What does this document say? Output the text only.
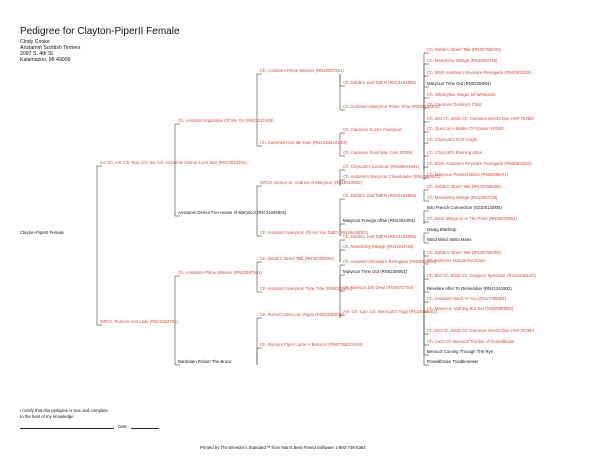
Pedigree for Clayton-PiperII Female
Cindy Cooke
Anstamm Scottish Terriers
2097 S. 4th St.
Kalamazoo, MI 49009
Clayton-PiperII Female
Int. Ch. Am. Ch. Rus. Ch. Sw. Ch. Anstamm Demur Lone Star (RN24810201)
GRCh. Rumors Iron Lady (RN23284701)
Ch. Anstamm Eglantine Off We Go (RN23021605)
Anstamm Demur Fun House of Marysco! (RN 21094801)
Ch. Anstamm Prime Minister (RN20587901)
Bardraain Robert The Bruce
Ch. Anstamm Prime Minister (RN20587901)
Ch. Caennes Kiss Me Kate (RN12846101/03)
GRCh. Demur St. Andrew of Marysco! (RN19010602)
Ch. Anstamm Marysco! Oh No You Didn't (RN19449001)
Ch. Debbi's Street Talk (RN307650/06)
Ch. Anstamm Marysco! Time Tide (RN00134/01)
Ch. Rumors Diva Las Vegas (RN10530001)
Ch. Rumors Piper Lorrie V Benscot (RN07395101/04)
Ch. Debbi's Just Talk'N (RN13194806)
Ch. Anstamm Marysco! Prime Time (RN00134401)
Ch. Caennes Doctor Feelgood
Ch. Caennes Devil May Care ROMX
Ch. Chyscott's Lionheart (RN08944601)
Ch. Anstamm Marysco! Cheerleader (RN13946/01)
Ch. Debbi's Just Talk'N (RN13194806)
Marysco! Foreign Affair (RN13024/01)
Ch. Debbi's Just Talk'N (RN13194806)
Ch. Manderley Mirage (RN10047/48)
Ch. Anstamm Revelare Renegade (RN00622/03)
Marysco! Time Out (RN02306/01)
Ch. Benscot Dirt Devil (RN09707/04)
Am. Ch. Can. Ch. Benscott's Tiggi (RN24060401)
Ch. Debbi's Street Talk (RN307650/06)
Ch. Manderley Mirage (RN10047/48)
Ch. BISS Anstamm Revelare Renegade (RN00622/03)
Marysco! Time Out (RN02306/01)
Ch. Whiskybae Wager Of Westpride
Ch. Caennes Destiny's Child
Ch. BIS Ch. BISS Ch. Caennes Devil's Due HOF ROMX
Ch. Quercus A Matter Of Opinion ROMX
Ch. Chyscott's First Knight
Ch. Chyscott's Evening Attire
Ch. BISS Anstamm Revelare Renegade (RN00622/03)
Ch. Marysco! Painted Black (RN80595/01)
Ch. Debbi's Street Talk (RN307650/06)
Ch. Manderley Mirage (RN10047/48)
Brio French Connection (S21001/2005)
Ch. BISS Marysco! In The Point (RN06279801)
Darag Blacktop
Wind Wind Stella Maris
Ch. Debbi's Street Talk (RN307650/06)
Ch. Ashmore Manderley Bravo
Ch. BIS Ch. BISS Ch. Dragonn Spectator (RN2161810/1)
Revelare After To Remember (RN21341902)
Ch. Anstamm Back At You (RN17798401)
Ch. Marysco! Nothing But Net (RN29980602)
Ch. BIS Ch. BISS Ch. Caennes Devil's Due HOF ROMX
Ch. Carn Ch. Benscot Trouble of Rosealbrase
Benscot Coming Through The Rye
Rosealbrase Troublemaker
I certify that this pedigree is true and complete
to the best of my knowledge
Date
Printed by The Breeder's Standard™ from Man's Best Friend Software 1-800-746-6364
